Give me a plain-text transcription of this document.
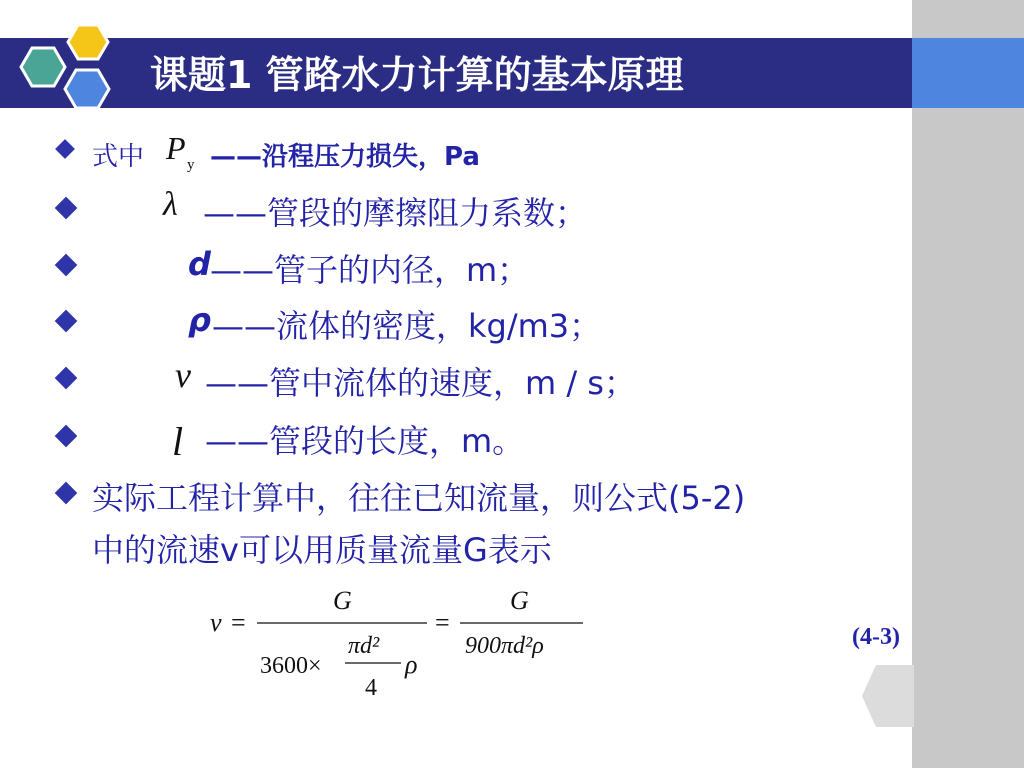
课题1 管路水力计算的基本原理
式中 P y ——沿程压力损失，Pa
λ ——管段的摩擦阻力系数；
d ——管子的内径，m；
ρ ——流体的密度，kg/m3；
v ——管中流体的速度，m / s；
l ——管段的长度，m。
实际工程计算中，往往已知流量，则公式(5-2)
中的流速v可以用质量流量G表示
v =
G
3600×
πd²
4
ρ
=
G
900πd²ρ	(4-3)
